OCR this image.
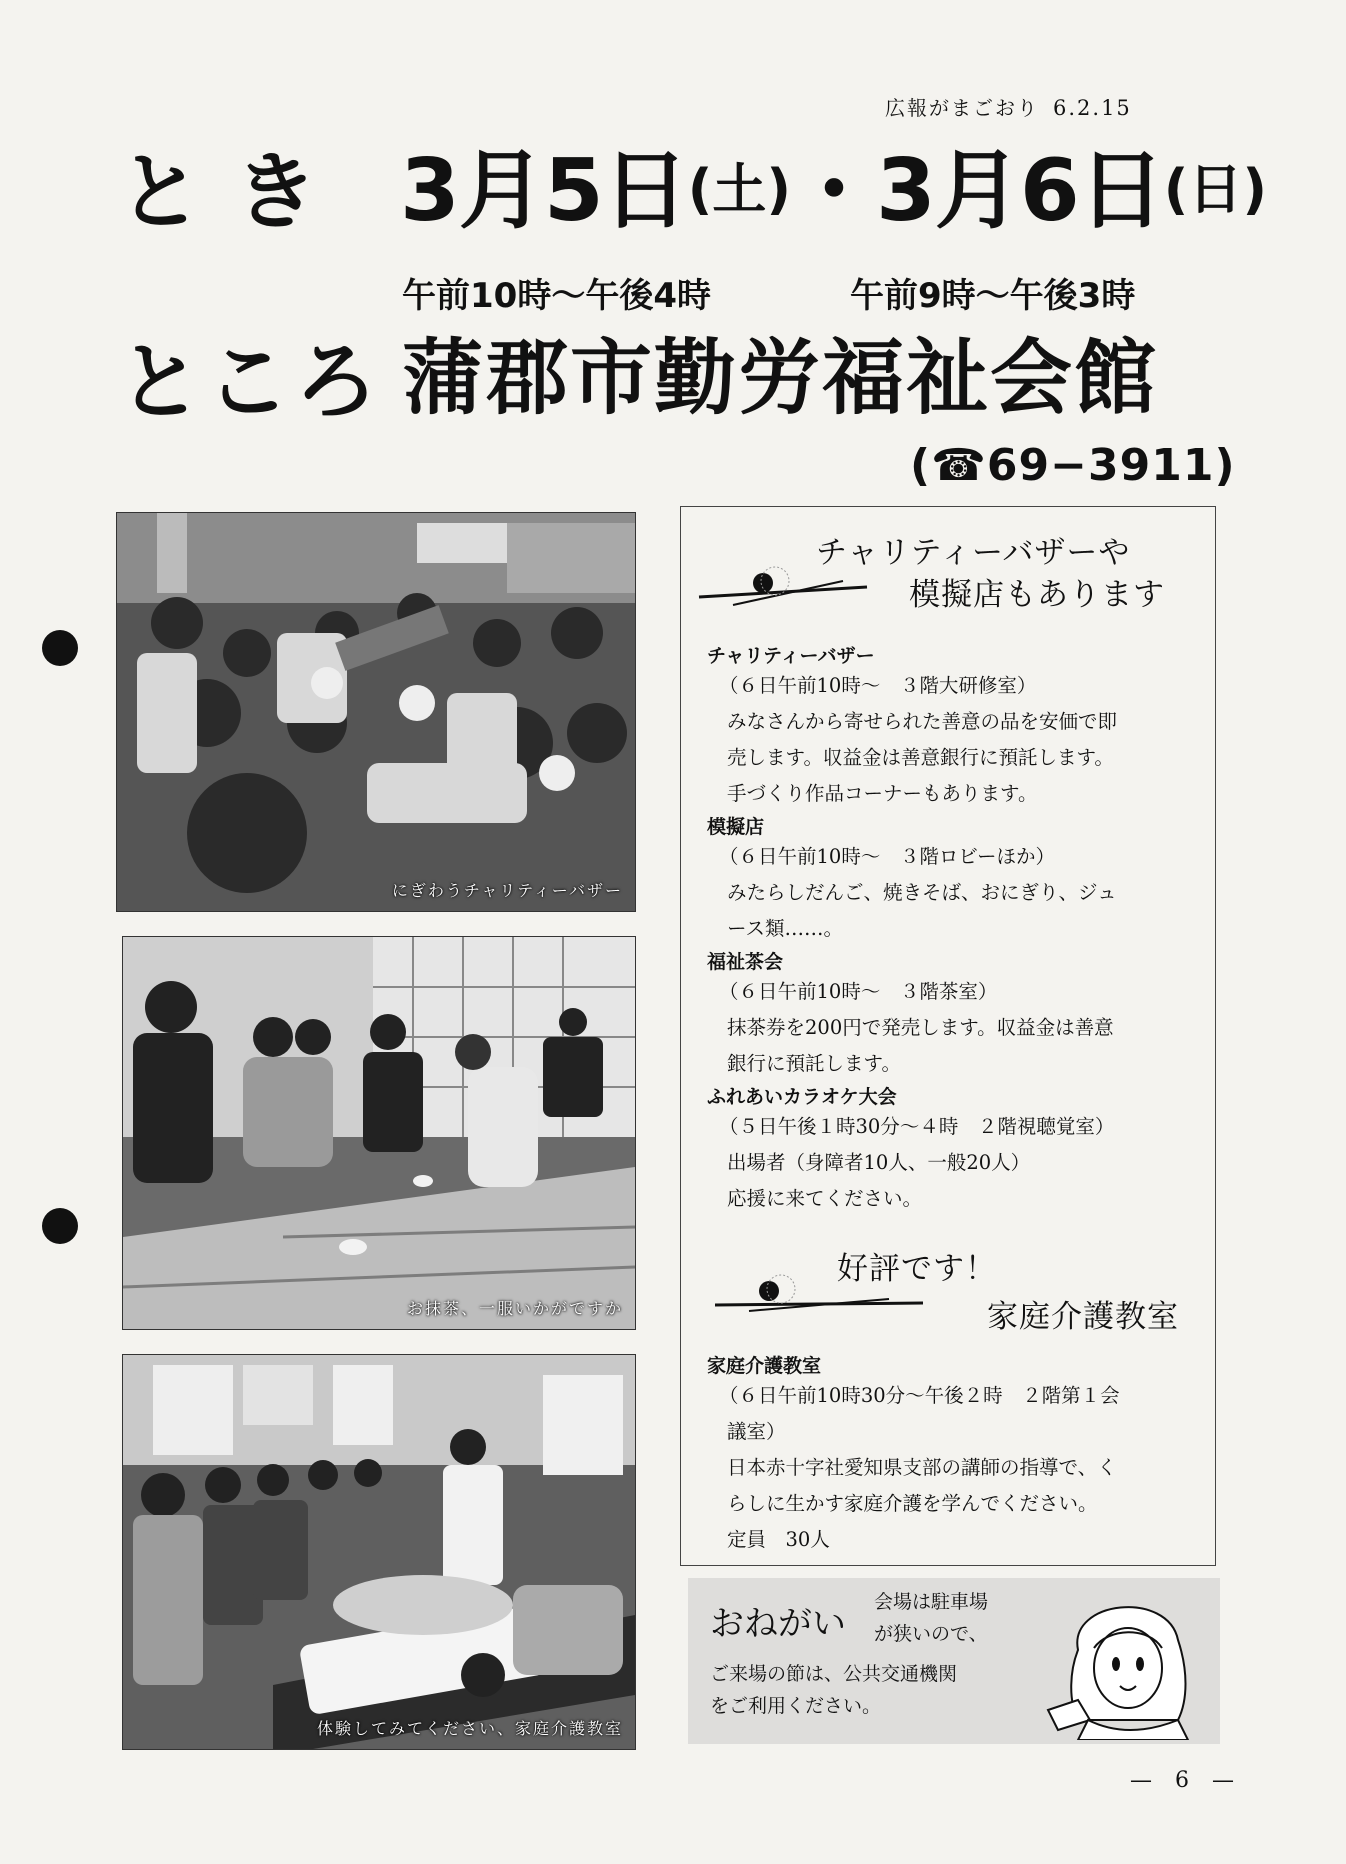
広報がまごおり 6.2.15
とき 3月5日(土)・3月6日(日)
午前10時〜午後4時	午前9時〜午後3時
ところ 蒲郡市勤労福祉会館
(☎69−3911)
にぎわうチャリティーバザー
お抹茶、一服いかがですか
体験してみてください、家庭介護教室
チャリティーバザーや
模擬店もあります
チャリティーバザー
（６日午前10時〜　３階大研修室）
みなさんから寄せられた善意の品を安価で即
売します。収益金は善意銀行に預託します。
手づくり作品コーナーもあります。
模擬店
（６日午前10時〜　３階ロビーほか）
みたらしだんご、焼きそば、おにぎり、ジュ
ース類……。
福祉茶会
（６日午前10時〜　３階茶室）
抹茶券を200円で発売します。収益金は善意
銀行に預託します。
ふれあいカラオケ大会
（５日午後１時30分〜４時　２階視聴覚室）
出場者（身障者10人、一般20人）
応援に来てください。
好評です！
家庭介護教室
家庭介護教室
（６日午前10時30分〜午後２時　２階第１会
議室）
日本赤十字社愛知県支部の講師の指導で、く
らしに生かす家庭介護を学んでください。
定員　30人
おねがい
会場は駐車場
が狭いので、
ご来場の節は、公共交通機関
をご利用ください。
— 6 —
